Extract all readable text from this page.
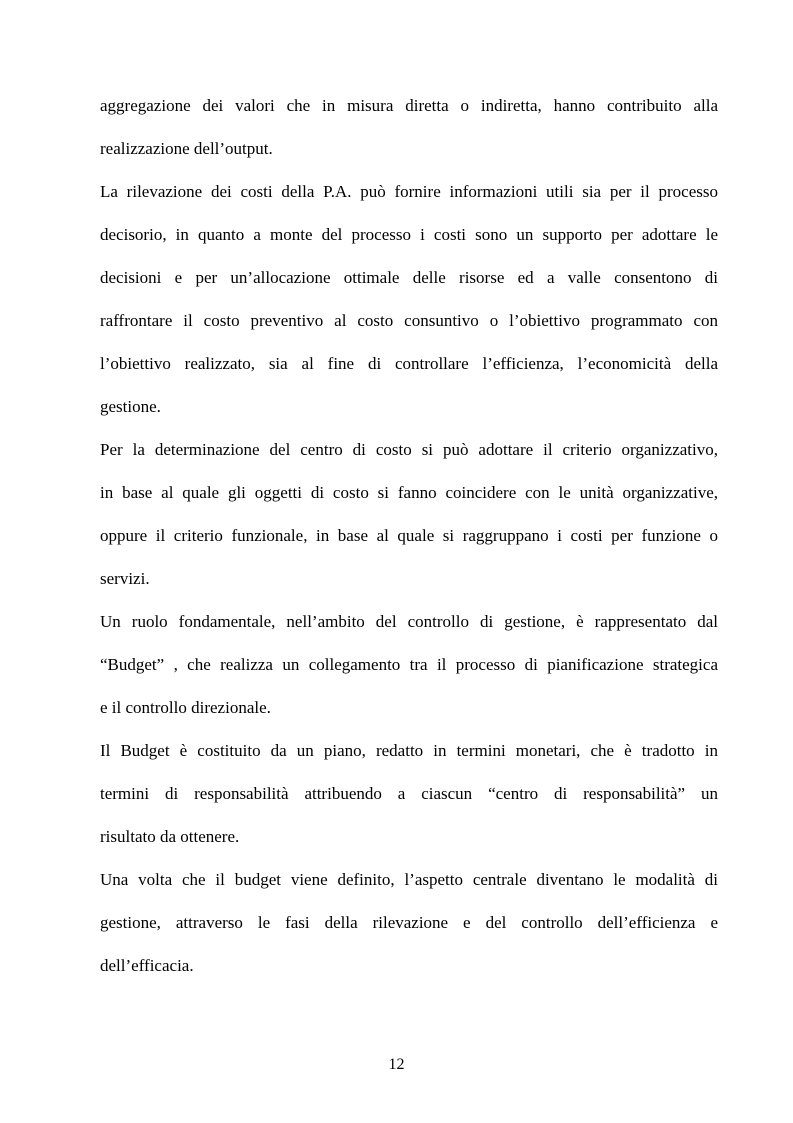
aggregazione dei valori che in misura diretta o indiretta, hanno contribuito alla

realizzazione dell’output.

La rilevazione dei costi della P.A. può fornire informazioni utili sia per il processo

decisorio, in quanto a monte del processo i costi sono un supporto per adottare le

decisioni e per un’allocazione ottimale delle risorse ed a valle consentono di

raffrontare il costo preventivo al costo consuntivo o l’obiettivo programmato con

l’obiettivo realizzato, sia al fine di controllare l’efficienza, l’economicità della

gestione.

Per la determinazione del centro di costo si può adottare il criterio organizzativo,

in base al quale gli oggetti di costo si fanno coincidere con le unità organizzative,

oppure il criterio funzionale, in base al quale si raggruppano i costi per funzione o

servizi.

Un ruolo fondamentale, nell’ambito del controllo di gestione, è rappresentato dal

“Budget” , che realizza un collegamento tra il processo di pianificazione strategica

e il controllo direzionale.

Il Budget è costituito da un piano, redatto in termini monetari, che è tradotto in

termini di responsabilità attribuendo a ciascun “centro di responsabilità” un

risultato da ottenere.

Una volta che il budget viene definito, l’aspetto centrale diventano le modalità di

gestione, attraverso le fasi della rilevazione e del controllo dell’efficienza e

dell’efficacia.

12
